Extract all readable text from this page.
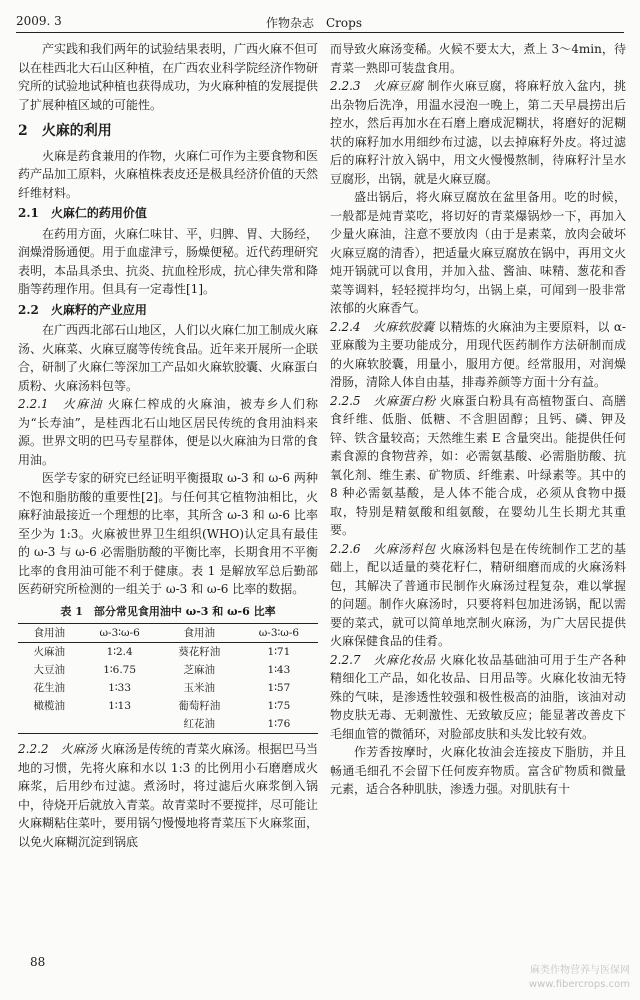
2009. 3	作物杂志　Crops

产实践和我们两年的试验结果表明，广西火麻不但可以在桂西北大石山区种植，在广西农业科学院经济作物研究所的试验地试种植也获得成功，为火麻种植的发展提供了扩展种植区域的可能性。

2　火麻的利用

火麻是药食兼用的作物，火麻仁可作为主要食物和医药产品加工原料，火麻植株表皮还是极具经济价值的天然纤维材料。

2.1　火麻仁的药用价值

在药用方面，火麻仁味甘、平，归脾、胃、大肠经，润燥滑肠通便。用于血虚津亏，肠燥便秘。近代药理研究表明，本品具杀虫、抗炎、抗血栓形成，抗心律失常和降脂等药理作用。但具有一定毒性[1]。

2.2　火麻籽的产业应用

在广西西北部石山地区，人们以火麻仁加工制成火麻汤、火麻菜、火麻豆腐等传统食品。近年来开展所一企联合，研制了火麻仁等深加工产品如火麻软胶囊、火麻蛋白质粉、火麻汤料包等。

2.2.1　火麻油 火麻仁榨成的火麻油，被寿乡人们称为“长寿油”，是桂西北石山地区居民传统的食用油料来源。世界文明的巴马专星群体，便是以火麻油为日常的食用油。

医学专家的研究已经证明平衡摄取 ω-3 和 ω-6 两种不饱和脂肪酸的重要性[2]。与任何其它植物油相比，火麻籽油最接近一个理想的比率，其所含 ω-3 和 ω-6 比率至少为 1:3。火麻被世界卫生组织(WHO)认定具有最佳的 ω-3 与 ω-6 必需脂肪酸的平衡比率，长期食用不平衡比率的食用油可能不利于健康。表 1 是解放军总后勤部医药研究所检测的一组关于 ω-3 和 ω-6 比率的数据。

表 1　部分常见食用油中 ω-3 和 ω-6 比率
食用油	ω-3∶ω-6	食用油	ω-3∶ω-6
火麻油	1∶2.4	葵花籽油	1∶71
大豆油	1∶6.75	芝麻油	1∶43
花生油	1∶33	玉米油	1∶57
橄榄油	1∶13	葡萄籽油	1∶75
		红花油	1∶76

2.2.2　火麻汤 火麻汤是传统的青菜火麻汤。根据巴马当地的习惯，先将火麻和水以 1:3 的比例用小石磨磨成火麻浆，后用纱布过滤。煮汤时，将过滤后火麻浆倒入锅中，待烧开后就放入青菜。故青菜时不要搅拌，尽可能让火麻糊粘住菜叶，要用锅勺慢慢地将青菜压下火麻浆面，以免火麻糊沉淀到锅底

而导致火麻汤变稀。火候不要太大，煮上 3～4min，待青菜一熟即可装盘食用。

2.2.3　火麻豆腐 制作火麻豆腐，将麻籽放入盆内，挑出杂物后洗净，用温水浸泡一晚上，第二天早晨捞出后控水，然后再加水在石磨上磨成泥糊状，将磨好的泥糊状的麻籽加水用细纱布过滤，以去掉麻籽外皮。将过滤后的麻籽汁放入锅中，用文火慢慢熬制，待麻籽汁呈水豆腐形，出锅，就是火麻豆腐。

盛出锅后，将火麻豆腐放在盆里备用。吃的时候，一般都是炖青菜吃，将切好的青菜爆锅炒一下，再加入少量火麻油，注意不要放肉（由于是素菜，放肉会破坏火麻豆腐的清香），把适量火麻豆腐放在锅中，再用文火炖开锅就可以食用，并加入盐、酱油、味精、葱花和香菜等调料，轻轻搅拌均匀，出锅上桌，可闻到一股非常浓郁的火麻香气。

2.2.4　火麻软胶囊 以精炼的火麻油为主要原料，以 α-亚麻酸为主要功能成分，用现代医药制作方法研制而成的火麻软胶囊，用量小，服用方便。经常服用，对润燥滑肠，清除人体自由基，排毒养颜等方面十分有益。

2.2.5　火麻蛋白粉 火麻蛋白粉具有高植物蛋白、高膳食纤维、低脂、低糖、不含胆固醇；且钙、磷、钾及锌、铁含量较高；天然维生素 E 含量突出。能提供任何素食源的食物营养，如：必需氨基酸、必需脂肪酸、抗氧化剂、维生素、矿物质、纤维素、叶绿素等。其中的 8 种必需氨基酸，是人体不能合成，必须从食物中摄取，特别是精氨酸和组氨酸，在婴幼儿生长期尤其重要。

2.2.6　火麻汤料包 火麻汤料包是在传统制作工艺的基础上，配以适量的葵花籽仁，精研细磨而成的火麻汤料包，其解决了普通市民制作火麻汤过程复杂，难以掌握的问题。制作火麻汤时，只要将料包加进汤锅，配以需要的菜式，就可以简单地烹制火麻汤，为广大居民提供火麻保健食品的佳肴。

2.2.7　火麻化妆品 火麻化妆品基础油可用于生产各种精细化工产品，如化妆品、日用品等。火麻化妆油无特殊的气味，是渗透性较强和极性极高的油脂，该油对动物皮肤无毒、无刺激性、无致敏反应；能显著改善皮下毛细血管的微循环，对脸部皮肤和头发比较有效。

作芳香按摩时，火麻化妆油会连接皮下脂肪，并且畅通毛细孔不会留下任何废弃物质。富含矿物质和微量元素，适合各种肌肤，渗透力强。对肌肤有十

88
麻类作物营养与医保网
www.fibercrops.com
